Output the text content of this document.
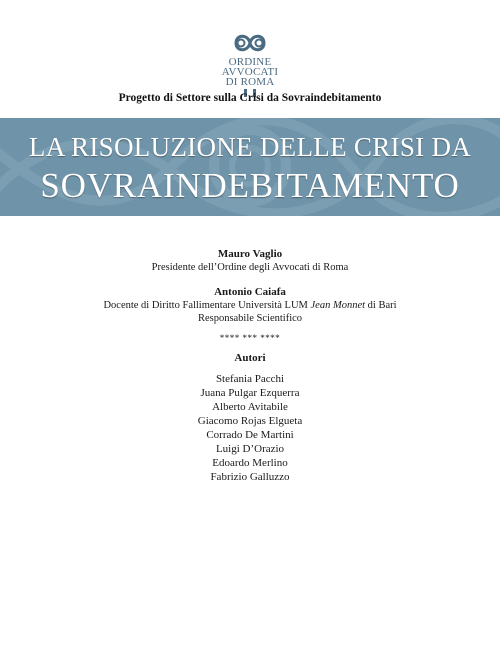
ORDINE
AVVOCATI
DI ROMA
Progetto di Settore sulla Crisi da Sovraindebitamento
LA RISOLUZIONE DELLE CRISI DA
SOVRAINDEBITAMENTO
Mauro Vaglio
Presidente dell’Ordine degli Avvocati di Roma
Antonio Caiafa
Docente di Diritto Fallimentare Università LUM Jean Monnet di Bari
Responsabile Scientifico
**** *** ****
Autori
Stefania Pacchi
Juana Pulgar Ezquerra
Alberto Avitabile
Giacomo Rojas Elgueta
Corrado De Martini
Luigi D’Orazio
Edoardo Merlino
Fabrizio Galluzzo
